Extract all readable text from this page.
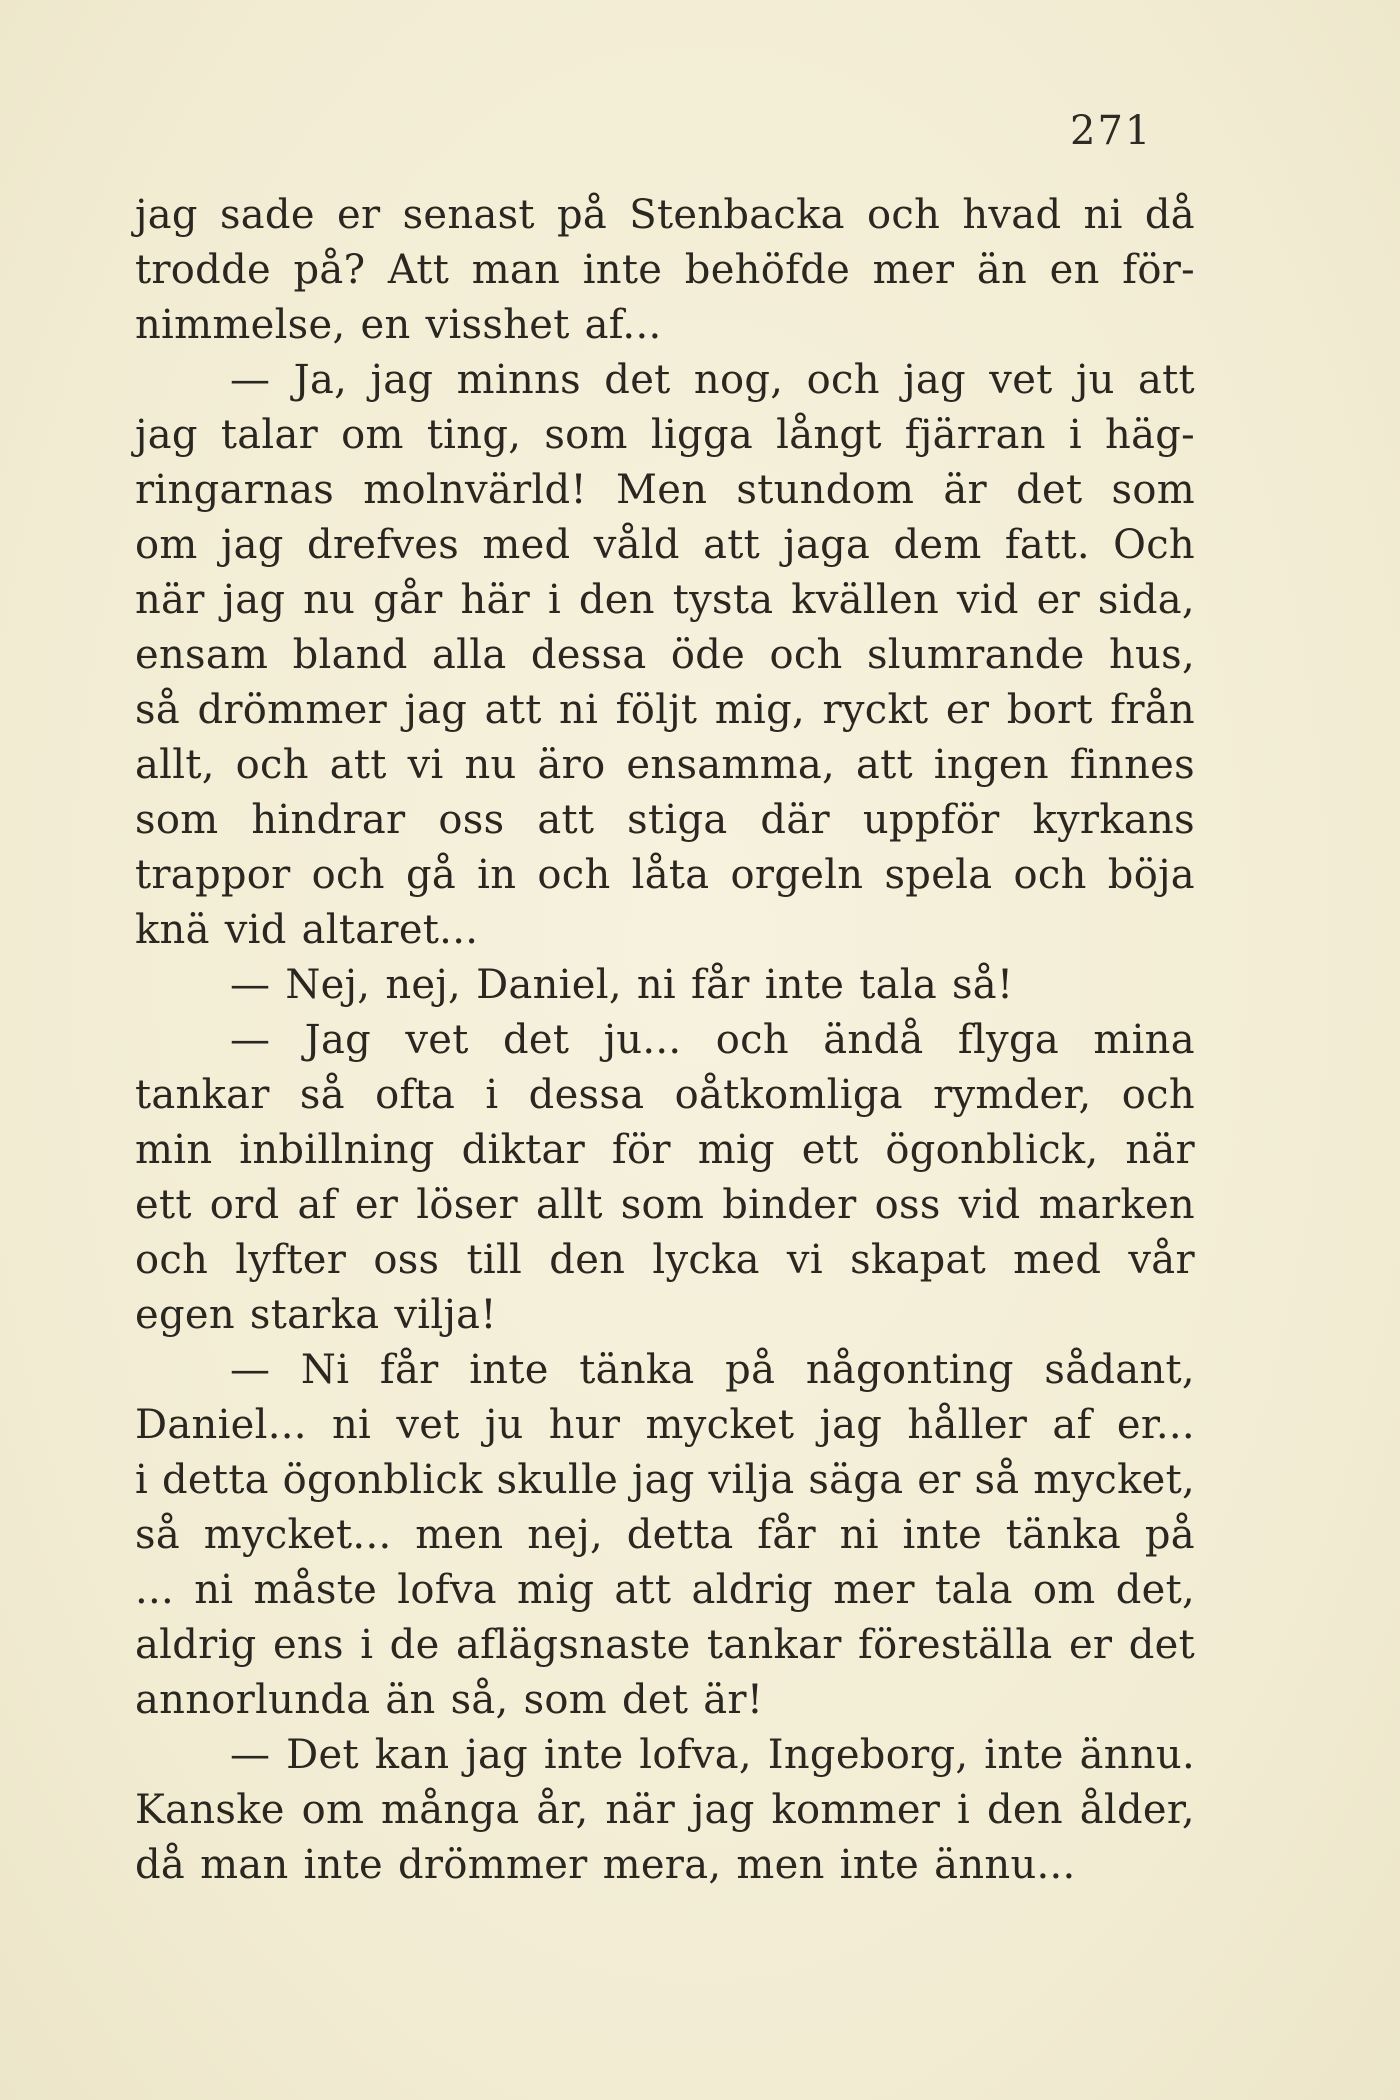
271
jag sade er senast på Stenbacka och hvad ni då
trodde på? Att man inte behöfde mer än en för-
nimmelse, en visshet af...
— Ja, jag minns det nog, och jag vet ju att
jag talar om ting, som ligga långt fjärran i häg-
ringarnas molnvärld! Men stundom är det som
om jag drefves med våld att jaga dem fatt. Och
när jag nu går här i den tysta kvällen vid er sida,
ensam bland alla dessa öde och slumrande hus,
så drömmer jag att ni följt mig, ryckt er bort från
allt, och att vi nu äro ensamma, att ingen finnes
som hindrar oss att stiga där uppför kyrkans
trappor och gå in och låta orgeln spela och böja
knä vid altaret...
— Nej, nej, Daniel, ni får inte tala så!
— Jag vet det ju... och ändå flyga mina
tankar så ofta i dessa oåtkomliga rymder, och
min inbillning diktar för mig ett ögonblick, när
ett ord af er löser allt som binder oss vid marken
och lyfter oss till den lycka vi skapat med vår
egen starka vilja!
— Ni får inte tänka på någonting sådant,
Daniel... ni vet ju hur mycket jag håller af er...
i detta ögonblick skulle jag vilja säga er så mycket,
så mycket... men nej, detta får ni inte tänka på
... ni måste lofva mig att aldrig mer tala om det,
aldrig ens i de aflägsnaste tankar föreställa er det
annorlunda än så, som det är!
— Det kan jag inte lofva, Ingeborg, inte ännu.
Kanske om många år, när jag kommer i den ålder,
då man inte drömmer mera, men inte ännu...
